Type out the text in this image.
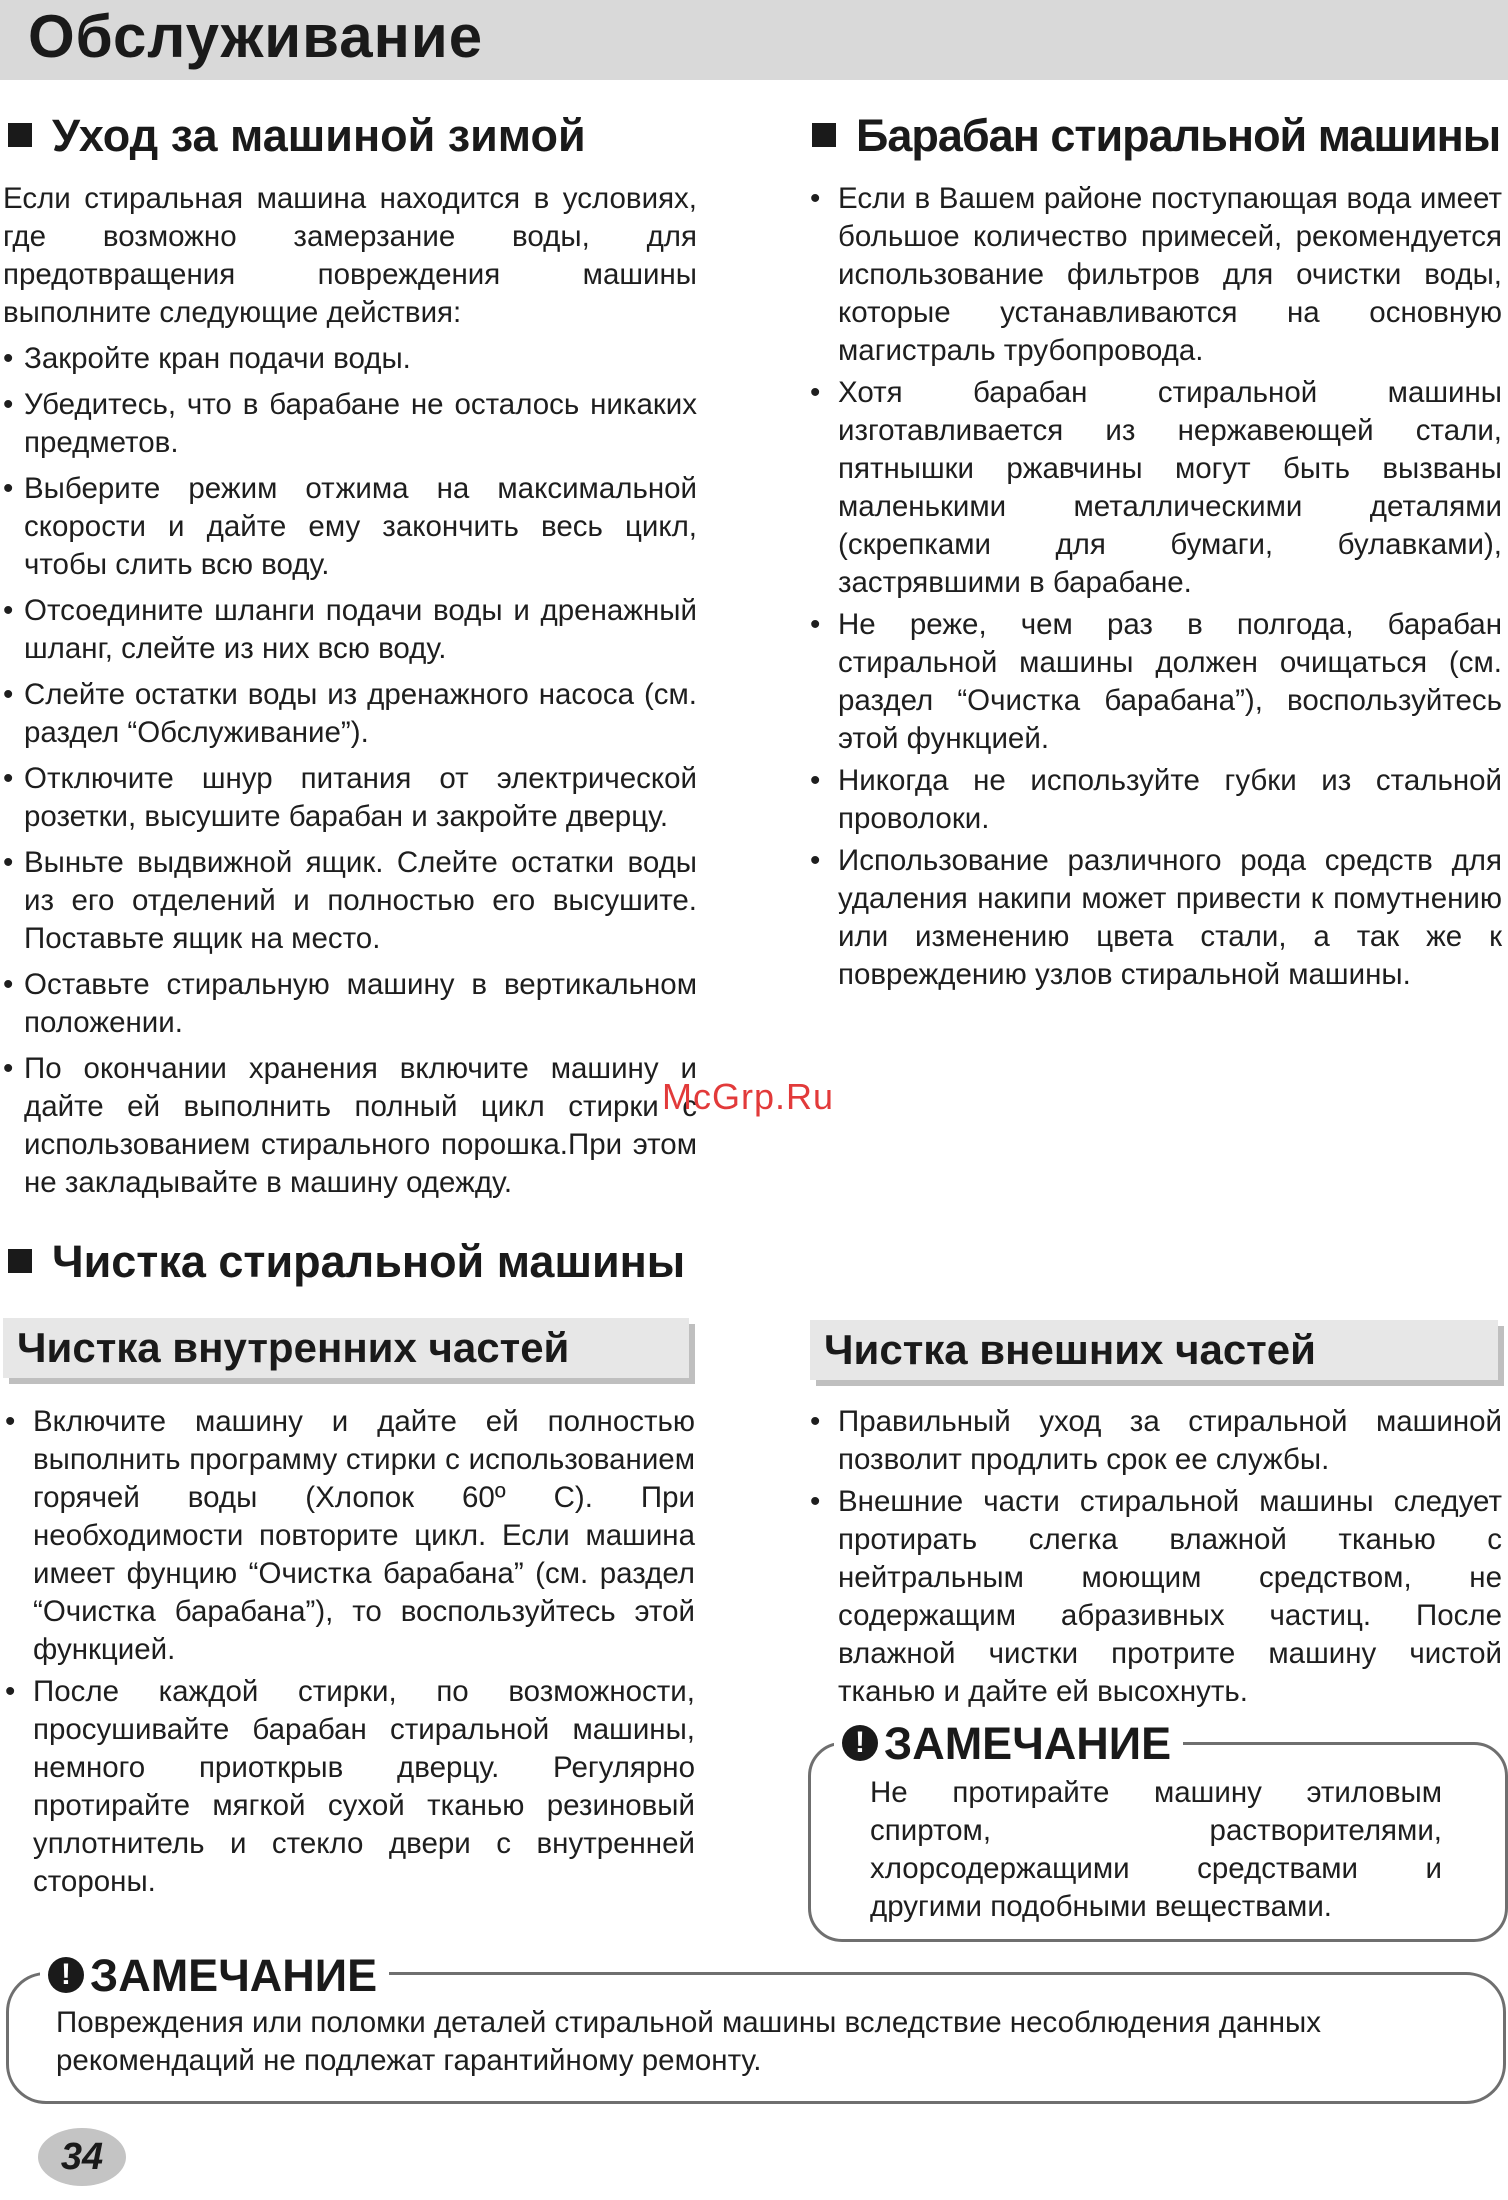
Обслуживание
Уход за машиной зимой

Если стиральная машина находится в условиях, где возможно замерзание воды, для предотвращения повреждения машины выполните следующие действия:

• Закройте кран подачи воды.
• Убедитесь, что в барабане не осталось никаких предметов.
• Выберите режим отжима на максимальной скорости и дайте ему закончить весь цикл, чтобы слить всю воду.
• Отсоедините шланги подачи воды и дренажный шланг, слейте из них всю воду.
• Слейте остатки воды из дренажного насоса (см. раздел “Обслуживание”).
• Отключите шнур питания от электрической розетки, высушите барабан и закройте дверцу.
• Выньте выдвижной ящик. Слейте остатки воды из его отделений и полностью его высушите. Поставьте ящик на место.
• Оставьте стиральную машину в вертикальном положении.
• По окончании хранения включите машину и дайте ей выполнить полный цикл стирки с использованием стирального порошка.При этом не закладывайте в машину одежду.
Барабан стиральной машины
• Если в Вашем районе поступающая вода имеет большое количество примесей, рекомендуется использование фильтров для очистки воды, которые устанавливаются на основную магистраль трубопровода.
• Хотя барабан стиральной машины изготавливается из нержавеющей стали, пятнышки ржавчины могут быть вызваны маленькими металлическими деталями (скрепками для бумаги, булавками), застрявшими в барабане.
• Не реже, чем раз в полгода, барабан стиральной машины должен очищаться (см. раздел “Очистка барабана”), воспользуйтесь этой функцией.
• Никогда не используйте губки из стальной проволоки.
• Использование различного рода средств для удаления накипи может привести к помутнению или изменению цвета стали, а так же к повреждению узлов стиральной машины.
McGrp.Ru
Чистка стиральной машины
Чистка внутренних частей
• Включите машину и дайте ей полностью выполнить программу стирки с использованием горячей воды (Хлопок 60º С). При необходимости повторите цикл. Если машина имеет фунцию “Очистка барабана” (см. раздел “Очистка барабана”), то воспользуйтесь этой функцией.
• После каждой стирки, по возможности, просушивайте барабан стиральной машины, немного приоткрыв дверцу. Регулярно протирайте мягкой сухой тканью резиновый уплотнитель и стекло двери с внутренней стороны.
Чистка внешних частей
• Правильный уход за стиральной машиной позволит продлить срок ее службы.
• Внешние части стиральной машины следует протирать слегка влажной тканью с нейтральным моющим средством, не содержащим абразивных частиц. После влажной чистки протрите машину чистой тканью и дайте ей высохнуть.
! ЗАМЕЧАНИЕ
Не протирайте машину этиловым спиртом, растворителями, хлорсодержащими средствами и другими подобными веществами.
! ЗАМЕЧАНИЕ
Повреждения или поломки деталей стиральной машины вследствие несоблюдения данных рекомендаций не подлежат гарантийному ремонту.
34
